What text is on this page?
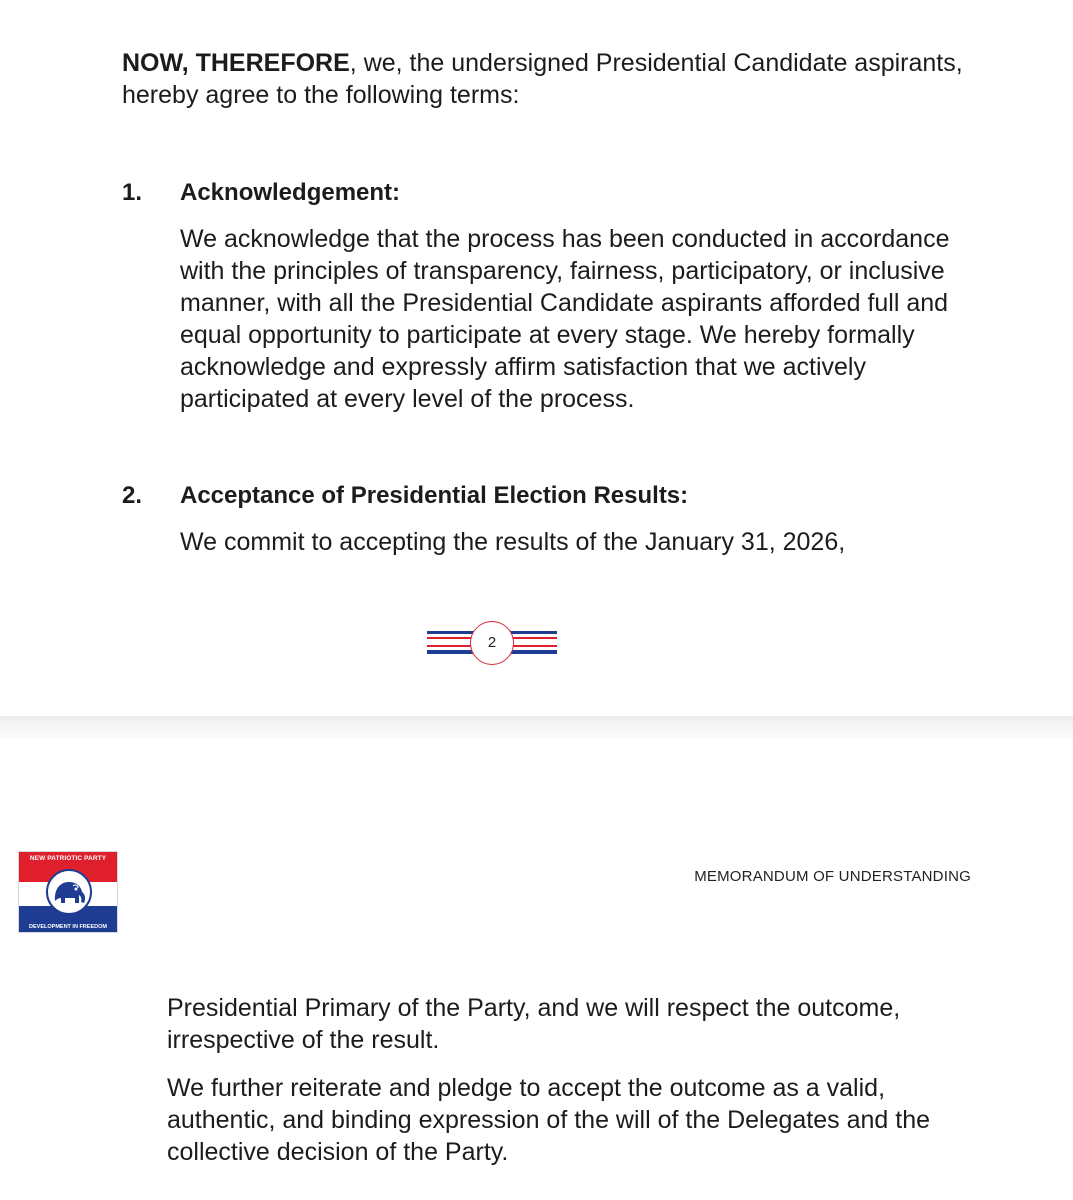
NOW, THEREFORE, we, the undersigned Presidential Candidate aspirants, hereby agree to the following terms:

1. Acknowledgement:

We acknowledge that the process has been conducted in accordance with the principles of transparency, fairness, participatory, or inclusive manner, with all the Presidential Candidate aspirants afforded full and equal opportunity to participate at every stage. We hereby formally acknowledge and expressly affirm satisfaction that we actively participated at every level of the process.

2. Acceptance of Presidential Election Results:

We commit to accepting the results of the January 31, 2026,

2
NEW PATRIOTIC PARTY
DEVELOPMENT IN FREEDOM
MEMORANDUM OF UNDERSTANDING

Presidential Primary of the Party, and we will respect the outcome, irrespective of the result.

We further reiterate and pledge to accept the outcome as a valid, authentic, and binding expression of the will of the Delegates and the collective decision of the Party.
